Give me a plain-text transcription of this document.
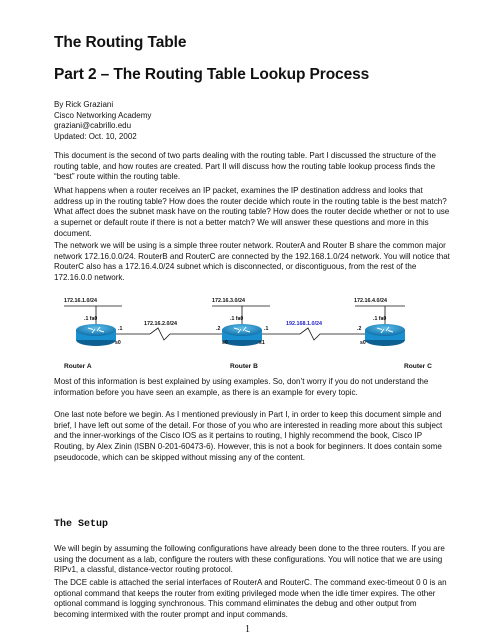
The Routing Table
Part 2 – The Routing Table Lookup Process
By Rick Graziani
Cisco Networking Academy
graziani@cabrillo.edu
Updated: Oct. 10, 2002

This document is the second of two parts dealing with the routing table. Part I discussed the structure of the routing table, and how routes are created. Part II will discuss how the routing table lookup process finds the “best” route within the routing table.

What happens when a router receives an IP packet, examines the IP destination address and looks that address up in the routing table? How does the router decide which route in the routing table is the best match? What affect does the subnet mask have on the routing table? How does the router decide whether or not to use a supernet or default route if there is not a better match? We will answer these questions and more in this document.

The network we will be using is a simple three router network. RouterA and Router B share the common major network 172.16.0.0/24. RouterB and RouterC are connected by the 192.168.1.0/24 network. You will notice that RouterC also has a 172.16.4.0/24 subnet which is disconnected, or discontiguous, from the rest of the 172.16.0.0 network.

172.16.1.0/24	172.16.3.0/24	172.16.4.0/24
172.16.2.0/24	192.168.1.0/24
.1 fa0
.1
s0
.1 fa0
.2
s0
.1
s1
.1 fa0
.2
s0
Router A	Router B	Router C

Most of this information is best explained by using examples. So, don’t worry if you do not understand the information before you have seen an example, as there is an example for every topic.

One last note before we begin. As I mentioned previously in Part I, in order to keep this document simple and brief, I have left out some of the detail. For those of you who are interested in reading more about this subject and the inner-workings of the Cisco IOS as it pertains to routing, I highly recommend the book, Cisco IP Routing, by Alex Zinin (ISBN 0-201-60473-6). However, this is not a book for beginners. It does contain some pseudocode, which can be skipped without missing any of the content.

The Setup

We will begin by assuming the following configurations have already been done to the three routers. If you are using the document as a lab, configure the routers with these configurations. You will notice that we are using RIPv1, a classful, distance-vector routing protocol.

The DCE cable is attached the serial interfaces of RouterA and RouterC. The command exec-timeout 0 0 is an optional command that keeps the router from exiting privileged mode when the idle timer expires. The other optional command is logging synchronous. This command eliminates the debug and other output from becoming intermixed with the router prompt and input commands.

1
